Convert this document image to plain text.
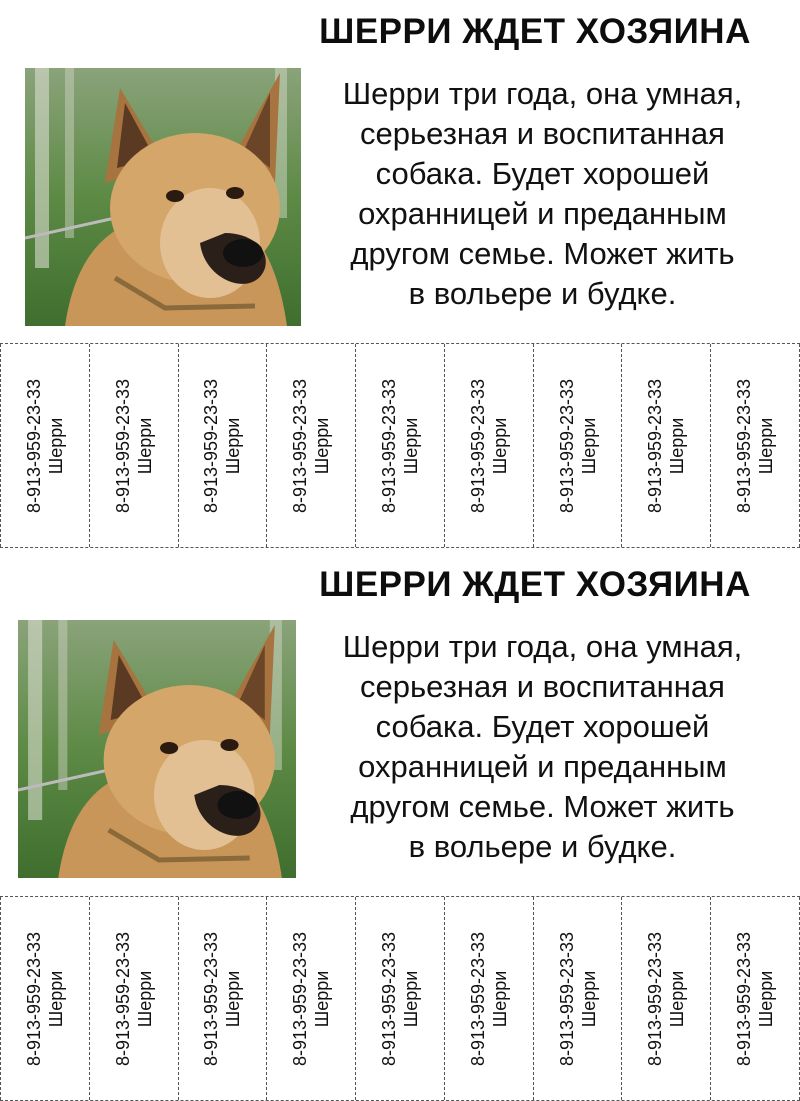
ШЕРРИ ЖДЕТ ХОЗЯИНА
Шерри три года, она умная,
серьезная и воспитанная
собака. Будет хорошей
охранницей и преданным
другом семье. Может жить
в вольере и будке.
8-913-959-23-33 Шерри	8-913-959-23-33 Шерри	8-913-959-23-33 Шерри	8-913-959-23-33 Шерри	8-913-959-23-33 Шерри	8-913-959-23-33 Шерри	8-913-959-23-33 Шерри	8-913-959-23-33 Шерри	8-913-959-23-33 Шерри
ШЕРРИ ЖДЕТ ХОЗЯИНА
Шерри три года, она умная,
серьезная и воспитанная
собака. Будет хорошей
охранницей и преданным
другом семье. Может жить
в вольере и будке.
8-913-959-23-33 Шерри	8-913-959-23-33 Шерри	8-913-959-23-33 Шерри	8-913-959-23-33 Шерри	8-913-959-23-33 Шерри	8-913-959-23-33 Шерри	8-913-959-23-33 Шерри	8-913-959-23-33 Шерри	8-913-959-23-33 Шерри
